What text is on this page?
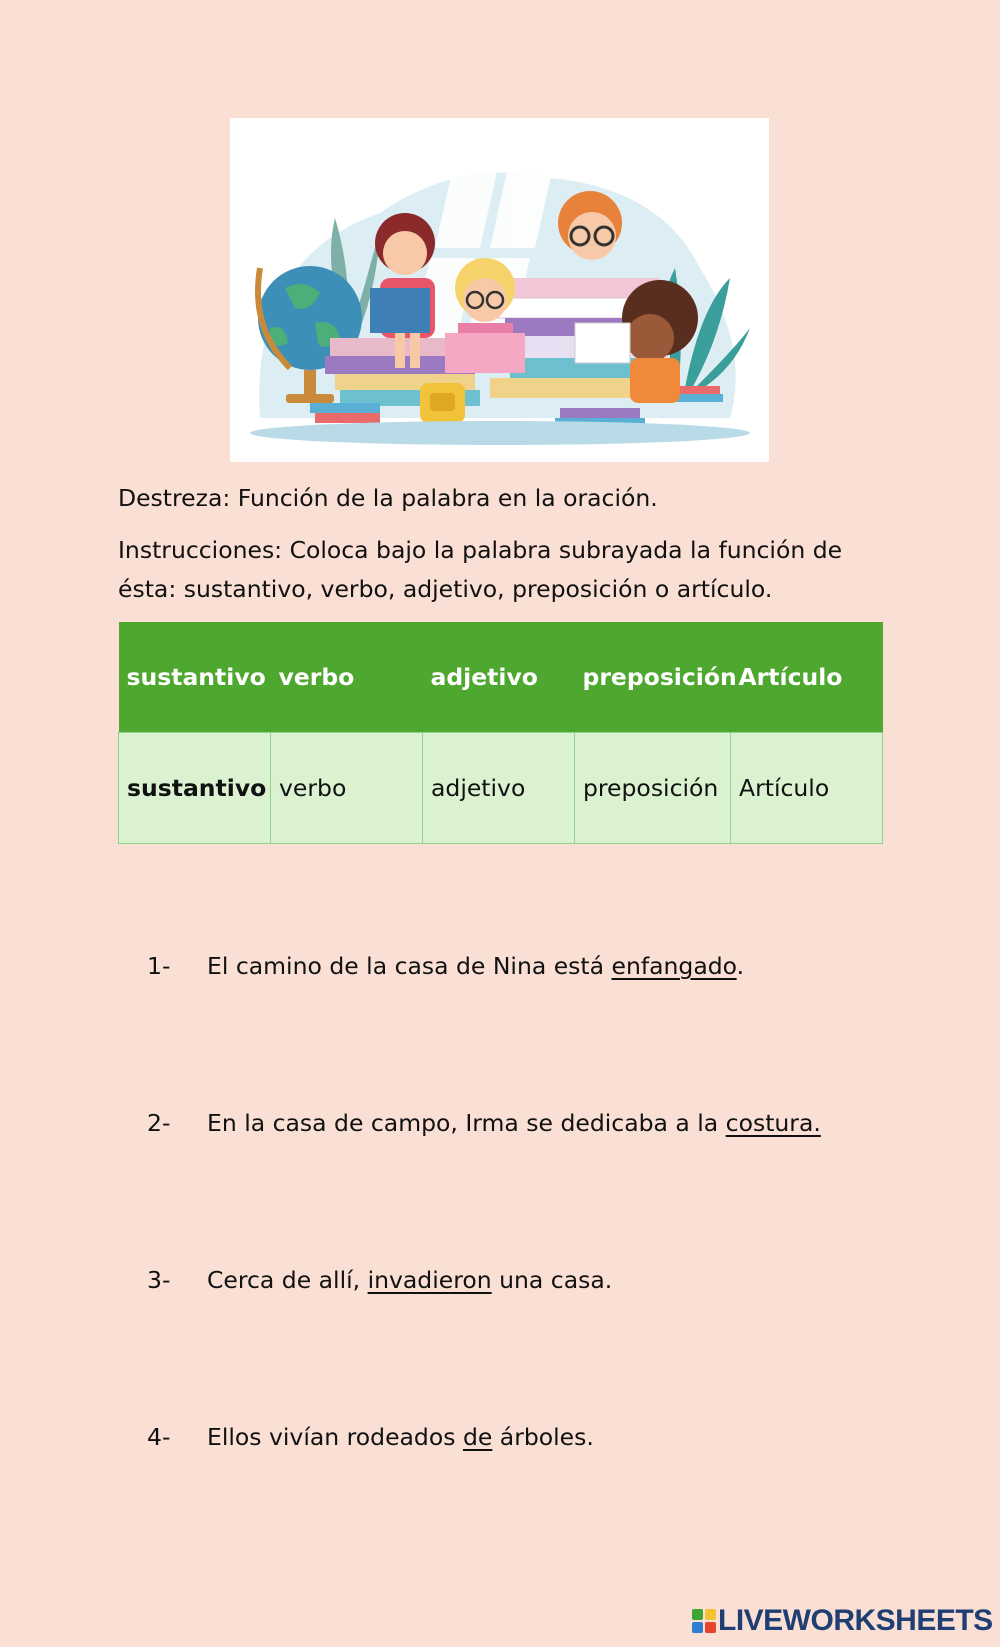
Destreza: Función de la palabra en la oración.
Instrucciones: Coloca bajo la palabra subrayada la función de
ésta: sustantivo, verbo, adjetivo, preposición o artículo.
sustantivo	verbo	adjetivo	preposición	Artículo
sustantivo	verbo	adjetivo	preposición	Artículo
1- El camino de la casa de Nina está enfangado.
2- En la casa de campo, Irma se dedicaba a la costura.
3- Cerca de allí, invadieron una casa.
4- Ellos vivían rodeados de árboles.
LIVEWORKSHEETS
